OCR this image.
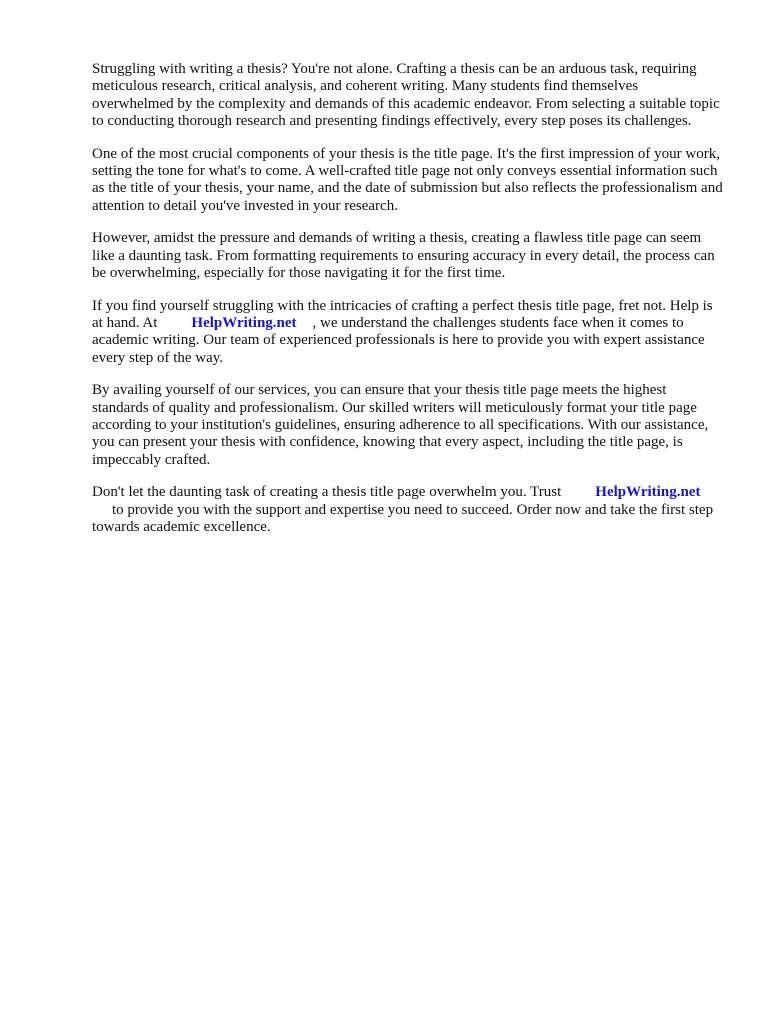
Struggling with writing a thesis? You're not alone. Crafting a thesis can be an arduous task, requiring meticulous research, critical analysis, and coherent writing. Many students find themselves overwhelmed by the complexity and demands of this academic endeavor. From selecting a suitable topic to conducting thorough research and presenting findings effectively, every step poses its challenges.

One of the most crucial components of your thesis is the title page. It's the first impression of your work, setting the tone for what's to come. A well-crafted title page not only conveys essential information such as the title of your thesis, your name, and the date of submission but also reflects the professionalism and attention to detail you've invested in your research.

However, amidst the pressure and demands of writing a thesis, creating a flawless title page can seem like a daunting task. From formatting requirements to ensuring accuracy in every detail, the process can be overwhelming, especially for those navigating it for the first time.

If you find yourself struggling with the intricacies of crafting a perfect thesis title page, fret not. Help is at hand. At HelpWriting.net , we understand the challenges students face when it comes to academic writing. Our team of experienced professionals is here to provide you with expert assistance every step of the way.

By availing yourself of our services, you can ensure that your thesis title page meets the highest standards of quality and professionalism. Our skilled writers will meticulously format your title page according to your institution's guidelines, ensuring adherence to all specifications. With our assistance, you can present your thesis with confidence, knowing that every aspect, including the title page, is impeccably crafted.

Don't let the daunting task of creating a thesis title page overwhelm you. Trust HelpWriting.net
to provide you with the support and expertise you need to succeed. Order now and take the first step towards academic excellence.
